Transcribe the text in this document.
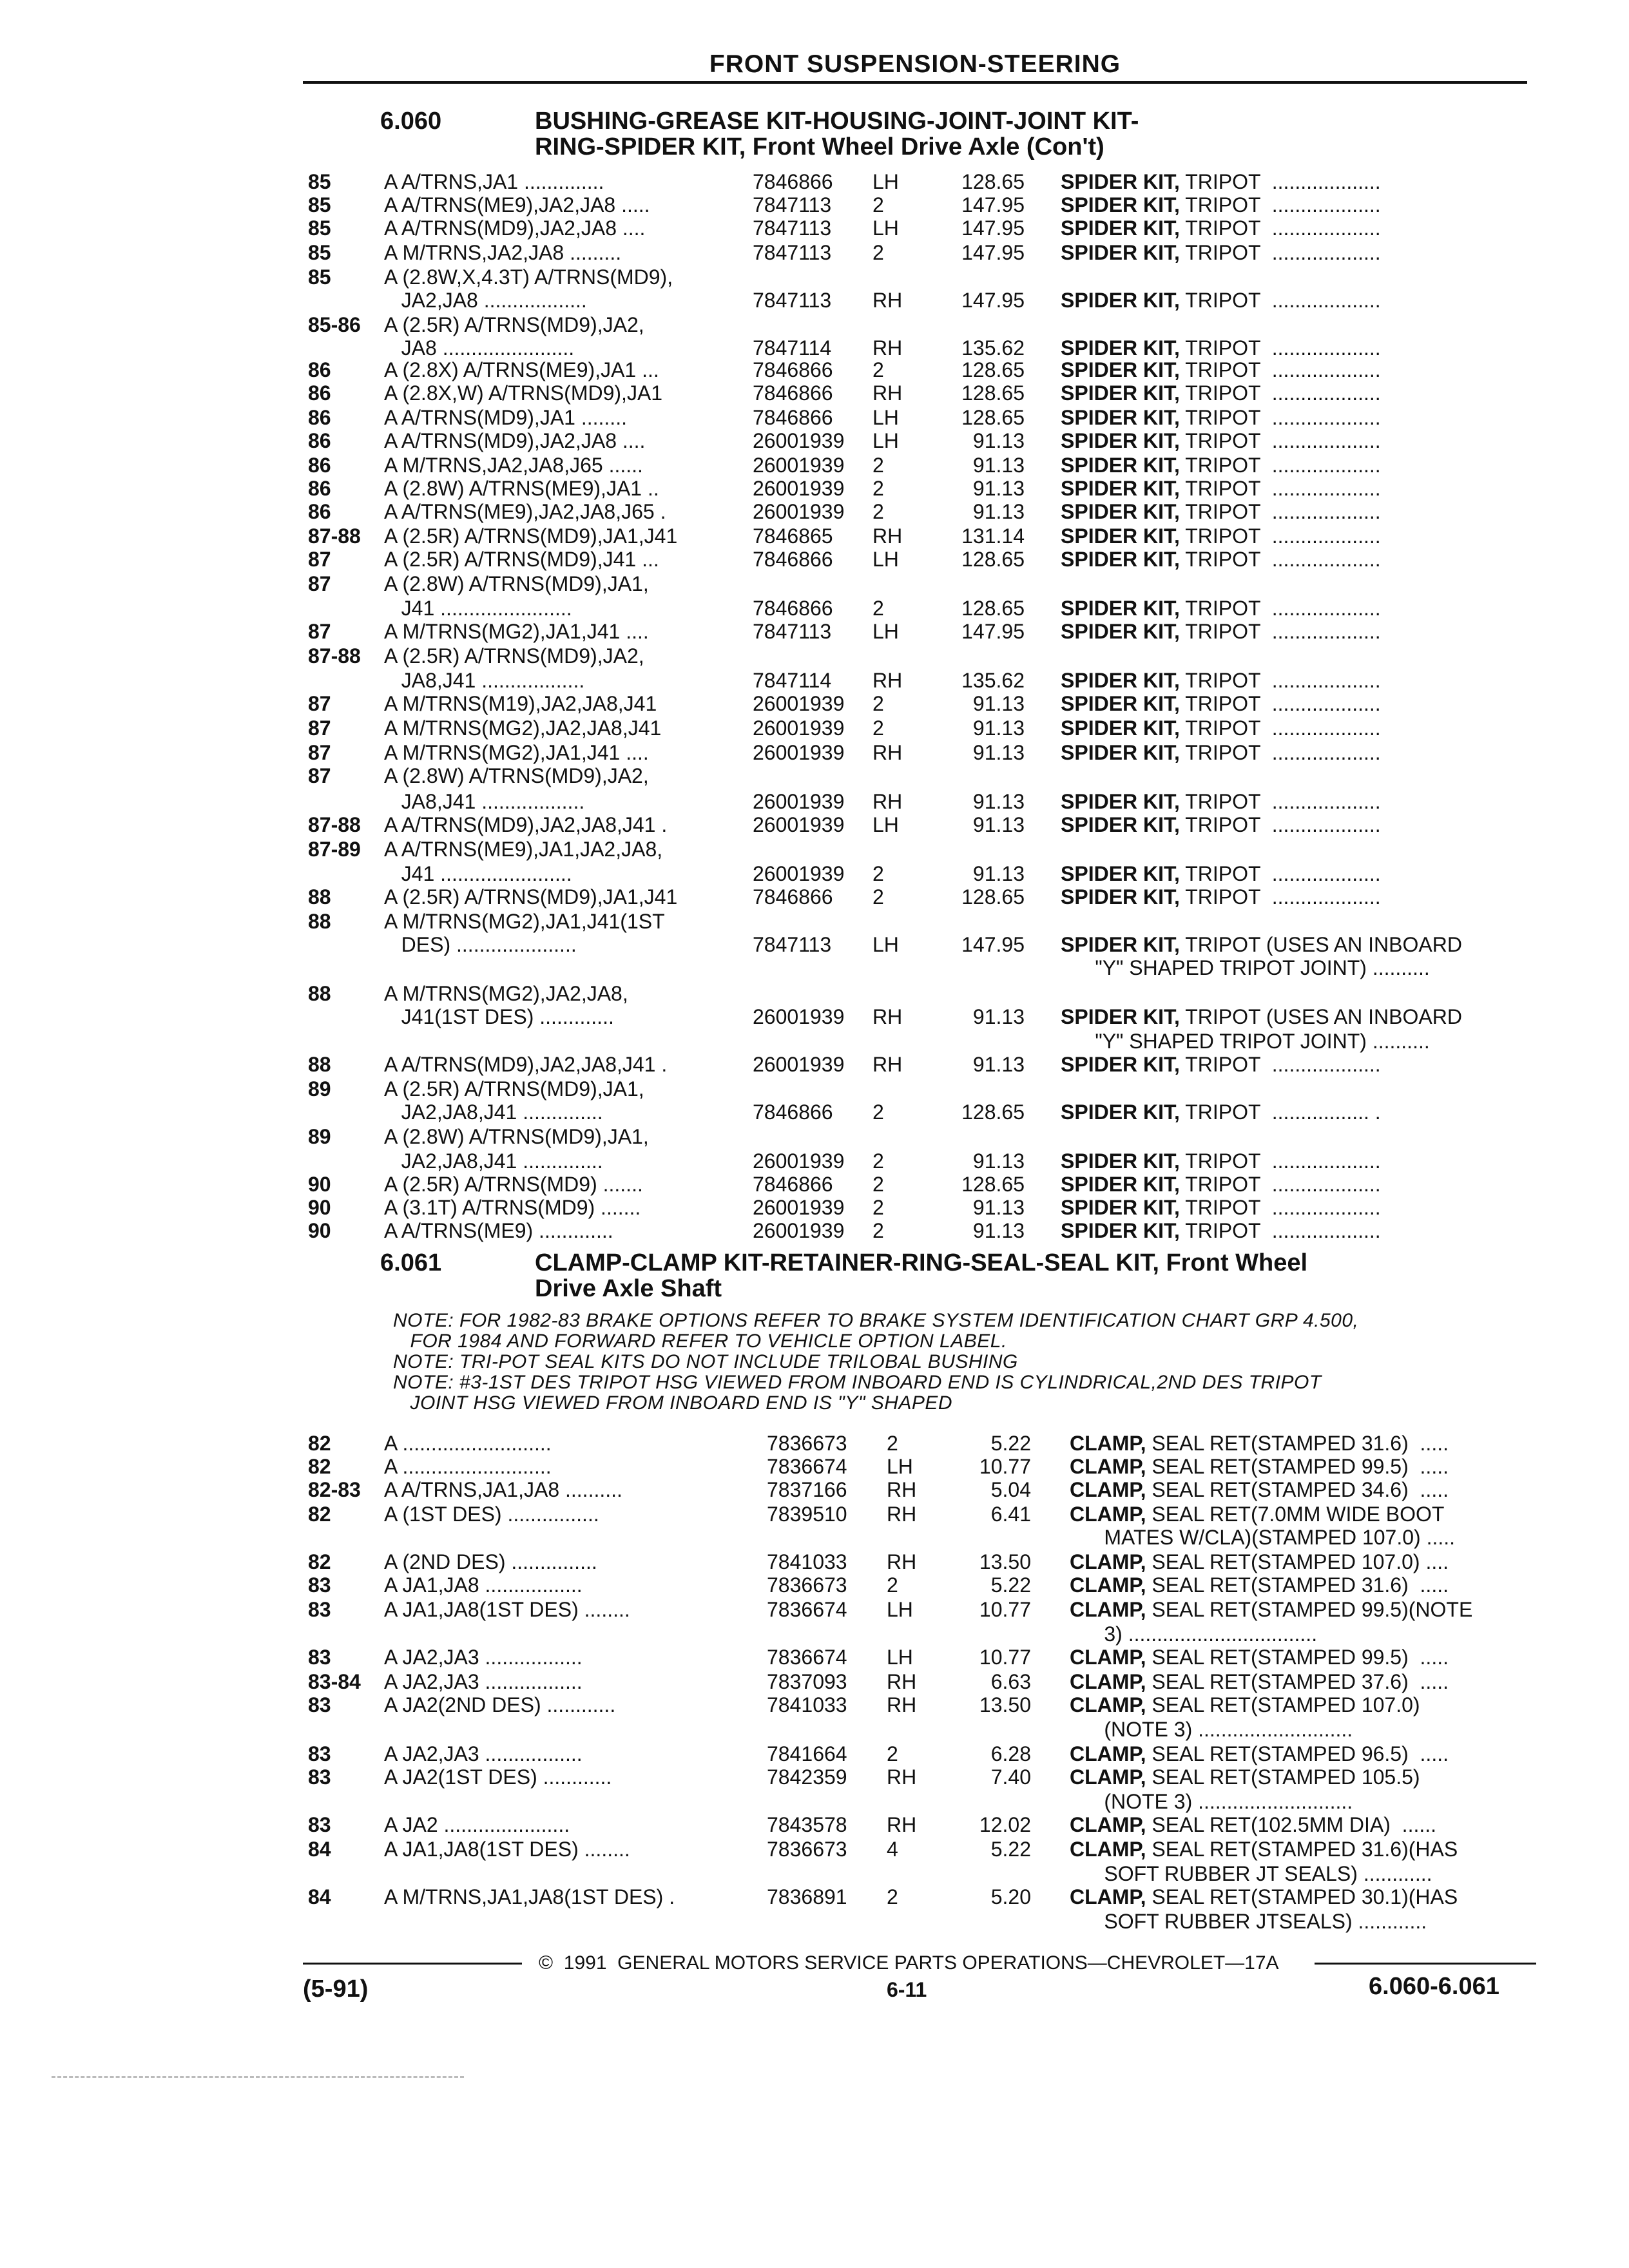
FRONT SUSPENSION-STEERING
6.060	BUSHING-GREASE KIT-HOUSING-JOINT-JOINT KIT-
RING-SPIDER KIT, Front Wheel Drive Axle (Con't)
85	A A/TRNS,JA1 ..............	7846866 LH	128.65 SPIDER KIT, TRIPOT  ...................
85	A A/TRNS(ME9),JA2,JA8 .....	7847113 2	147.95 SPIDER KIT, TRIPOT  ...................
85	A A/TRNS(MD9),JA2,JA8 ....	7847113 LH	147.95 SPIDER KIT, TRIPOT  ...................
85	A M/TRNS,JA2,JA8 .........	7847113 2	147.95 SPIDER KIT, TRIPOT  ...................
85	A (2.8W,X,4.3T) A/TRNS(MD9),
JA2,JA8 ..................	7847113 RH	147.95 SPIDER KIT, TRIPOT  ...................
85-86 A (2.5R) A/TRNS(MD9),JA2,
JA8 .......................	7847114 RH	135.62 SPIDER KIT, TRIPOT  ...................
86	A (2.8X) A/TRNS(ME9),JA1 ...	7846866 2	128.65 SPIDER KIT, TRIPOT  ...................
86	A (2.8X,W) A/TRNS(MD9),JA1	7846866 RH	128.65 SPIDER KIT, TRIPOT  ...................
86	A A/TRNS(MD9),JA1 ........	7846866 LH	128.65 SPIDER KIT, TRIPOT  ...................
86	A A/TRNS(MD9),JA2,JA8 ....	26001939 LH	91.13 SPIDER KIT, TRIPOT  ...................
86	A M/TRNS,JA2,JA8,J65 ......	26001939 2	91.13 SPIDER KIT, TRIPOT  ...................
86	A (2.8W) A/TRNS(ME9),JA1 ..	26001939 2	91.13 SPIDER KIT, TRIPOT  ...................
86	A A/TRNS(ME9),JA2,JA8,J65 .	26001939 2	91.13 SPIDER KIT, TRIPOT  ...................
87-88 A (2.5R) A/TRNS(MD9),JA1,J41	7846865 RH	131.14 SPIDER KIT, TRIPOT  ...................
87	A (2.5R) A/TRNS(MD9),J41 ...	7846866 LH	128.65 SPIDER KIT, TRIPOT  ...................
87	A (2.8W) A/TRNS(MD9),JA1,
J41 .......................	7846866 2	128.65 SPIDER KIT, TRIPOT  ...................
87	A M/TRNS(MG2),JA1,J41 ....	7847113 LH	147.95 SPIDER KIT, TRIPOT  ...................
87-88 A (2.5R) A/TRNS(MD9),JA2,
JA8,J41 ..................	7847114 RH	135.62 SPIDER KIT, TRIPOT  ...................
87	A M/TRNS(M19),JA2,JA8,J41	26001939 2	91.13 SPIDER KIT, TRIPOT  ...................
87	A M/TRNS(MG2),JA2,JA8,J41	26001939 2	91.13 SPIDER KIT, TRIPOT  ...................
87	A M/TRNS(MG2),JA1,J41 ....	26001939 RH	91.13 SPIDER KIT, TRIPOT  ...................
87	A (2.8W) A/TRNS(MD9),JA2,
JA8,J41 ..................	26001939 RH	91.13 SPIDER KIT, TRIPOT  ...................
87-88 A A/TRNS(MD9),JA2,JA8,J41 .	26001939 LH	91.13 SPIDER KIT, TRIPOT  ...................
87-89 A A/TRNS(ME9),JA1,JA2,JA8,
J41 .......................	26001939 2	91.13 SPIDER KIT, TRIPOT  ...................
88	A (2.5R) A/TRNS(MD9),JA1,J41	7846866 2	128.65 SPIDER KIT, TRIPOT  ...................
88	A M/TRNS(MG2),JA1,J41(1ST
DES) .....................	7847113 LH	147.95 SPIDER KIT, TRIPOT (USES AN INBOARD
"Y" SHAPED TRIPOT JOINT) ..........
88	A M/TRNS(MG2),JA2,JA8,
J41(1ST DES) .............	26001939 RH	91.13 SPIDER KIT, TRIPOT (USES AN INBOARD
"Y" SHAPED TRIPOT JOINT) ..........
88	A A/TRNS(MD9),JA2,JA8,J41 .	26001939 RH	91.13 SPIDER KIT, TRIPOT  ...................
89	A (2.5R) A/TRNS(MD9),JA1,
JA2,JA8,J41 ..............	7846866 2	128.65 SPIDER KIT, TRIPOT  ................. .
89	A (2.8W) A/TRNS(MD9),JA1,
JA2,JA8,J41 ..............	26001939 2	91.13 SPIDER KIT, TRIPOT  ...................
90	A (2.5R) A/TRNS(MD9) .......	7846866 2	128.65 SPIDER KIT, TRIPOT  ...................
90	A (3.1T) A/TRNS(MD9) .......	26001939 2	91.13 SPIDER KIT, TRIPOT  ...................
90	A A/TRNS(ME9) .............	26001939 2	91.13 SPIDER KIT, TRIPOT  ...................
6.061	CLAMP-CLAMP KIT-RETAINER-RING-SEAL-SEAL KIT, Front Wheel
Drive Axle Shaft
NOTE: FOR 1982-83 BRAKE OPTIONS REFER TO BRAKE SYSTEM IDENTIFICATION CHART GRP 4.500,
FOR 1984 AND FORWARD REFER TO VEHICLE OPTION LABEL.
NOTE: TRI-POT SEAL KITS DO NOT INCLUDE TRILOBAL BUSHING
NOTE: #3-1ST DES TRIPOT HSG VIEWED FROM INBOARD END IS CYLINDRICAL,2ND DES TRIPOT
JOINT HSG VIEWED FROM INBOARD END IS "Y" SHAPED
82	A ..........................	7836673 2	5.22 CLAMP, SEAL RET(STAMPED 31.6)  .....
82	A ..........................	7836674 LH	10.77 CLAMP, SEAL RET(STAMPED 99.5)  .....
82-83 A A/TRNS,JA1,JA8 ..........	7837166 RH	5.04 CLAMP, SEAL RET(STAMPED 34.6)  .....
82	A (1ST DES) ................	7839510 RH	6.41 CLAMP, SEAL RET(7.0MM WIDE BOOT
MATES W/CLA)(STAMPED 107.0) .....
82	A (2ND DES) ...............	7841033 RH	13.50 CLAMP, SEAL RET(STAMPED 107.0) ....
83	A JA1,JA8 .................	7836673 2	5.22 CLAMP, SEAL RET(STAMPED 31.6)  .....
83	A JA1,JA8(1ST DES) ........	7836674 LH	10.77 CLAMP, SEAL RET(STAMPED 99.5)(NOTE
3) .................................
83	A JA2,JA3 .................	7836674 LH	10.77 CLAMP, SEAL RET(STAMPED 99.5)  .....
83-84 A JA2,JA3 .................	7837093 RH	6.63 CLAMP, SEAL RET(STAMPED 37.6)  .....
83	A JA2(2ND DES) ............	7841033 RH	13.50 CLAMP, SEAL RET(STAMPED 107.0)
(NOTE 3) ...........................
83	A JA2,JA3 .................	7841664 2	6.28 CLAMP, SEAL RET(STAMPED 96.5)  .....
83	A JA2(1ST DES) ............	7842359 RH	7.40 CLAMP, SEAL RET(STAMPED 105.5)
(NOTE 3) ...........................
83	A JA2 ......................	7843578 RH	12.02 CLAMP, SEAL RET(102.5MM DIA)  ......
84	A JA1,JA8(1ST DES) ........	7836673 4	5.22 CLAMP, SEAL RET(STAMPED 31.6)(HAS
SOFT RUBBER JT SEALS) ............
84	A M/TRNS,JA1,JA8(1ST DES) .	7836891 2	5.20 CLAMP, SEAL RET(STAMPED 30.1)(HAS
SOFT RUBBER JTSEALS) ............
©  1991  GENERAL MOTORS SERVICE PARTS OPERATIONS—CHEVROLET—17A
(5-91)	6-11	6.060-6.061
